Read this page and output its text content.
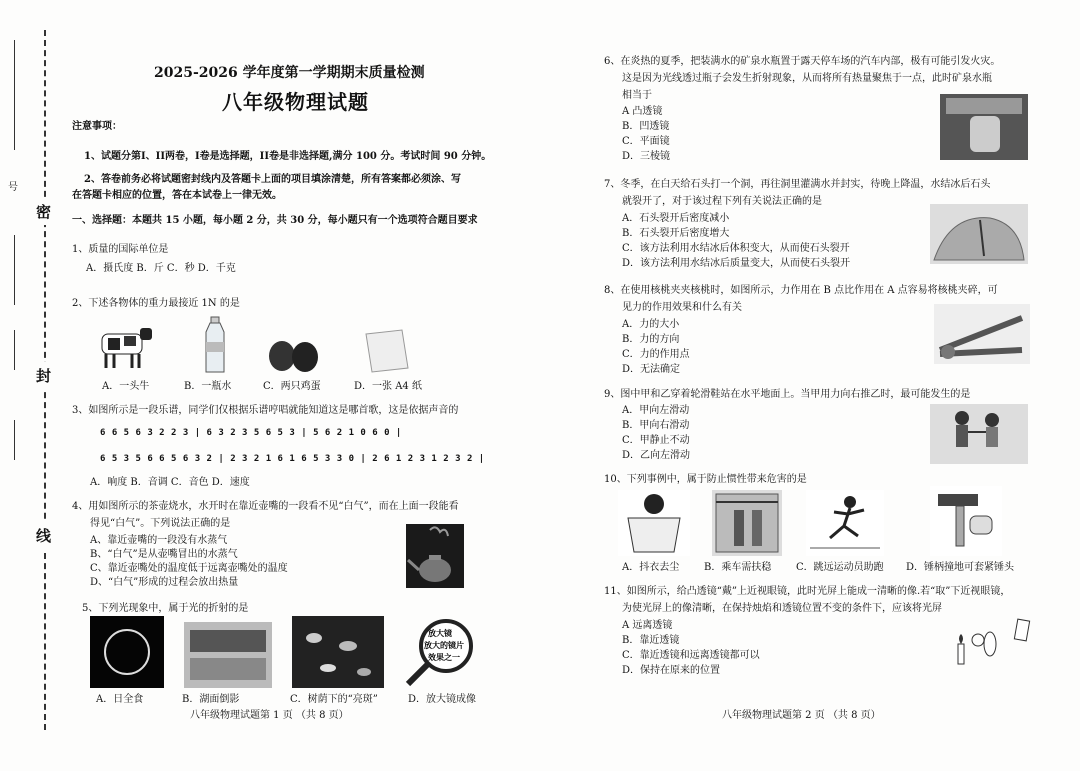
号
密
封
线
2025-2026 学年度第一学期期末质量检测
八年级物理试题
注意事项：
1、试题分第I、II两卷，I卷是选择题，II卷是非选择题,满分 100 分。考试时间 90 分钟。
2、答卷前务必将试题密封线内及答题卡上面的项目填涂清楚，所有答案都必须涂、写
在答题卡相应的位置，答在本试卷上一律无效。
一、选择题：本题共 15 小题，每小题 2 分，共 30 分，每小题只有一个选项符合题目要求
1、质量的国际单位是
A．摄氏度 B．斤 C．秒 D．千克
2、下述各物体的重力最接近 1N 的是
A．一头牛	B．一瓶水	C．两只鸡蛋	D．一张 A4 纸
3、如图所示是一段乐谱，同学们仅根据乐谱哼唱就能知道这是哪首歌，这是依据声音的
6 6 5 6 3 2 2 3 | 6 3 2 3 5 6 5 3 | 5 6 2 1 0 6 0 |
6 5 3 5 6 6 5 6 3 2 | 2 3 2 1 6 1 6 5 3 3 0 | 2 6 1 2 3 1 2 3 2 |
A．响度 B．音调 C．音色 D．速度
4、用如图所示的茶壶烧水，水开时在靠近壶嘴的一段看不见“白气”，而在上面一段能看
得见“白气”。下列说法正确的是
A、靠近壶嘴的一段没有水蒸气
B、“白气”是从壶嘴冒出的水蒸气
C、靠近壶嘴处的温度低于远离壶嘴处的温度
D、“白气”形成的过程会放出热量
5、下列光现象中，属于光的折射的是
放大镜
放大的镜片
效果之一
A．日全食	B．湖面倒影	C．树荫下的“亮斑”	D．放大镜成像
八年级物理试题第 1 页 （共 8 页）
6、在炎热的夏季，把装满水的矿泉水瓶置于露天停车场的汽车内部，极有可能引发火灾。
这是因为光线透过瓶子会发生折射现象，从而将所有热量聚焦于一点，此时矿泉水瓶
相当于
A 凸透镜
B．凹透镜
C．平面镜
D．三棱镜
7、冬季，在白天给石头打一个洞，再往洞里灌满水并封实，待晚上降温，水结冰后石头
就裂开了，对于该过程下列有关说法正确的是
A．石头裂开后密度减小
B．石头裂开后密度增大
C．该方法利用水结冰后体积变大，从而使石头裂开
D．该方法利用水结冰后质量变大，从而使石头裂开
8、在使用核桃夹夹核桃时，如图所示，力作用在 B 点比作用在 A 点容易将核桃夹碎，可
见力的作用效果和什么有关
A．力的大小
B．力的方向
C．力的作用点
D．无法确定
9、图中甲和乙穿着轮滑鞋站在水平地面上。当甲用力向右推乙时，最可能发生的是
A．甲向左滑动
B．甲向右滑动
C．甲静止不动
D．乙向左滑动
10、下列事例中，属于防止惯性带来危害的是
A．抖衣去尘 B．乘车需扶稳 C．跳远运动员助跑 D．锤柄撞地可套紧锤头
11、如图所示，给凸透镜“戴”上近视眼镜，此时光屏上能成一清晰的像.若“取”下近视眼镜，
为使光屏上的像清晰，在保持烛焰和透镜位置不变的条件下，应该将光屏
A 远离透镜
B．靠近透镜
C．靠近透镜和远离透镜都可以
D．保持在原来的位置
八年级物理试题第 2 页 （共 8 页）
